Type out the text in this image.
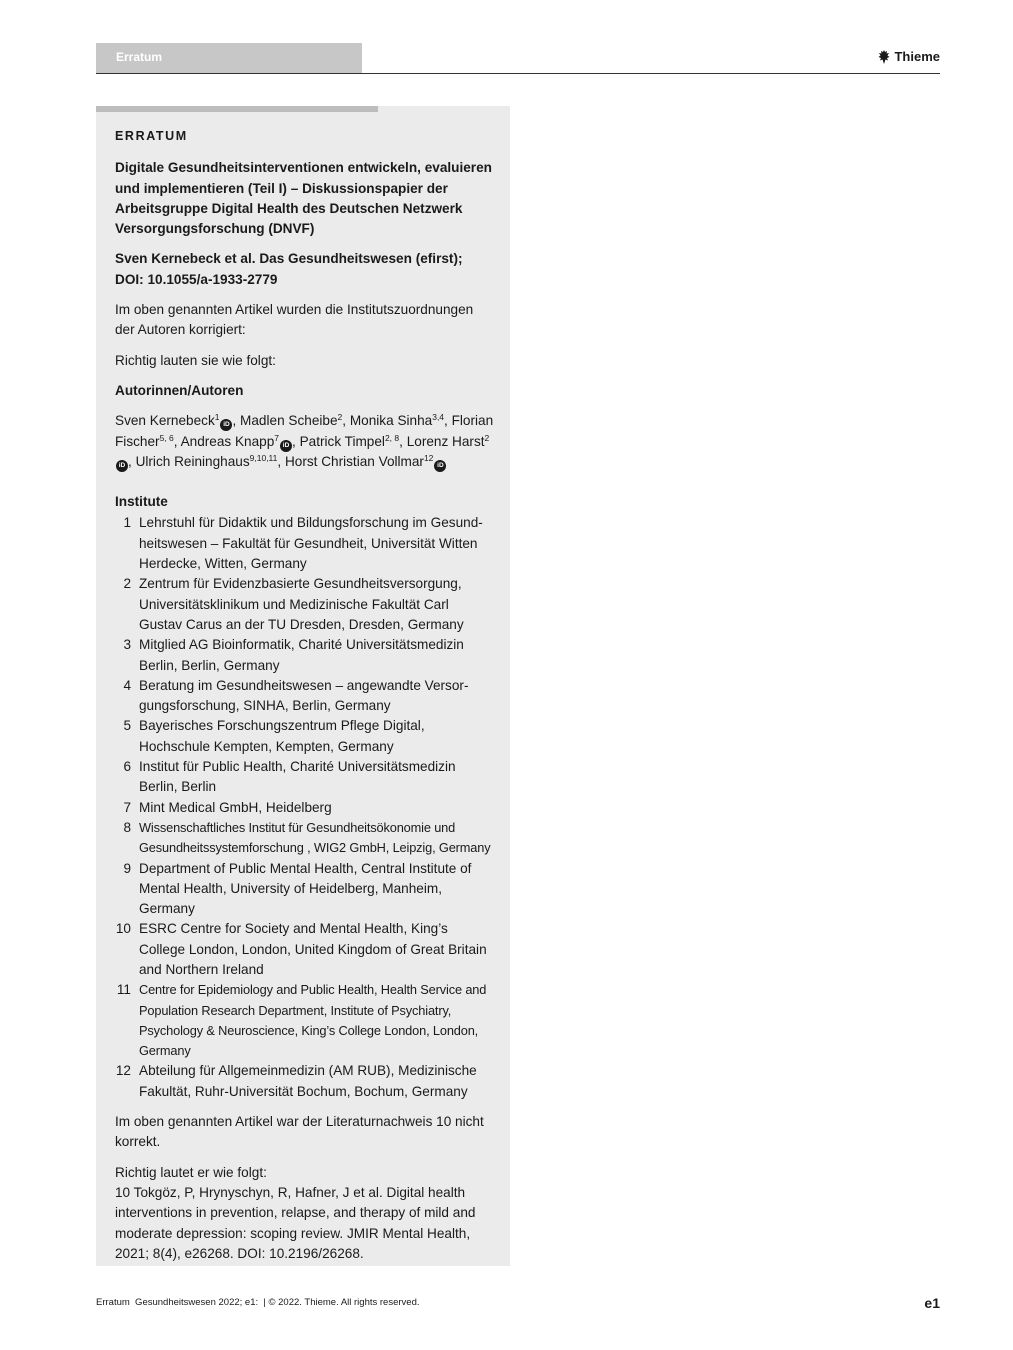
Erratum	Thieme
ERRATUM
Digitale Gesundheitsinterventionen entwickeln, evaluieren und implementieren (Teil I) – Diskussionspapier der Arbeitsgruppe Digital Health des Deutschen Netzwerk Versorgungsforschung (DNVF)
Sven Kernebeck et al. Das Gesundheitswesen (efirst);
DOI: 10.1055/a-1933-2779
Im oben genannten Artikel wurden die Institutszuordnungen der Autoren korrigiert:
Richtig lauten sie wie folgt:
Autorinnen/Autoren
Sven Kernebeck$^1$iD , Madlen Scheibe$^2$, Monika Sinha$^{3,4}$, Florian Fischer$^{5, 6}$, Andreas Knapp$^7$iD , Patrick Timpel$^{2, 8}$, Lorenz Harst$^2$iD , Ulrich Reininghaus$^{9,10,11}$, Horst Christian Vollmar$^{12}$iD
Institute
1 Lehrstuhl für Didaktik und Bildungsforschung im Gesundheitswesen – Fakultät für Gesundheit, Universität Witten Herdecke, Witten, Germany
2 Zentrum für Evidenzbasierte Gesundheitsversorgung, Universitätsklinikum und Medizinische Fakultät Carl Gustav Carus an der TU Dresden, Dresden, Germany
3 Mitglied AG Bioinformatik, Charité Universitätsmedizin Berlin, Berlin, Germany
4 Beratung im Gesundheitswesen – angewandte Versorgungsforschung, SINHA, Berlin, Germany
5 Bayerisches Forschungszentrum Pflege Digital, Hochschule Kempten, Kempten, Germany
6 Institut für Public Health, Charité Universitätsmedizin Berlin, Berlin
7 Mint Medical GmbH, Heidelberg
8 Wissenschaftliches Institut für Gesundheitsökonomie und Gesundheitssystemforschung , WIG2 GmbH, Leipzig, Germany
9 Department of Public Mental Health, Central Institute of Mental Health, University of Heidelberg, Manheim, Germany
10 ESRC Centre for Society and Mental Health, King’s College London, London, United Kingdom of Great Britain and Northern Ireland
11 Centre for Epidemiology and Public Health, Health Service and Population Research Department, Institute of Psychiatry, Psychology & Neuroscience, King’s College London, London, Germany
12 Abteilung für Allgemeinmedizin (AM RUB), Medizinische Fakultät, Ruhr-Universität Bochum, Bochum, Germany
Im oben genannten Artikel war der Literaturnachweis 10 nicht korrekt.
Richtig lautet er wie folgt:
10 Tokgöz, P, Hrynyschyn, R, Hafner, J et al. Digital health interventions in prevention, relapse, and therapy of mild and moderate depression: scoping review. JMIR Mental Health, 2021; 8(4), e26268. DOI: 10.2196/26268.
Erratum  Gesundheitswesen 2022; e1:  | © 2022. Thieme. All rights reserved.	e1
